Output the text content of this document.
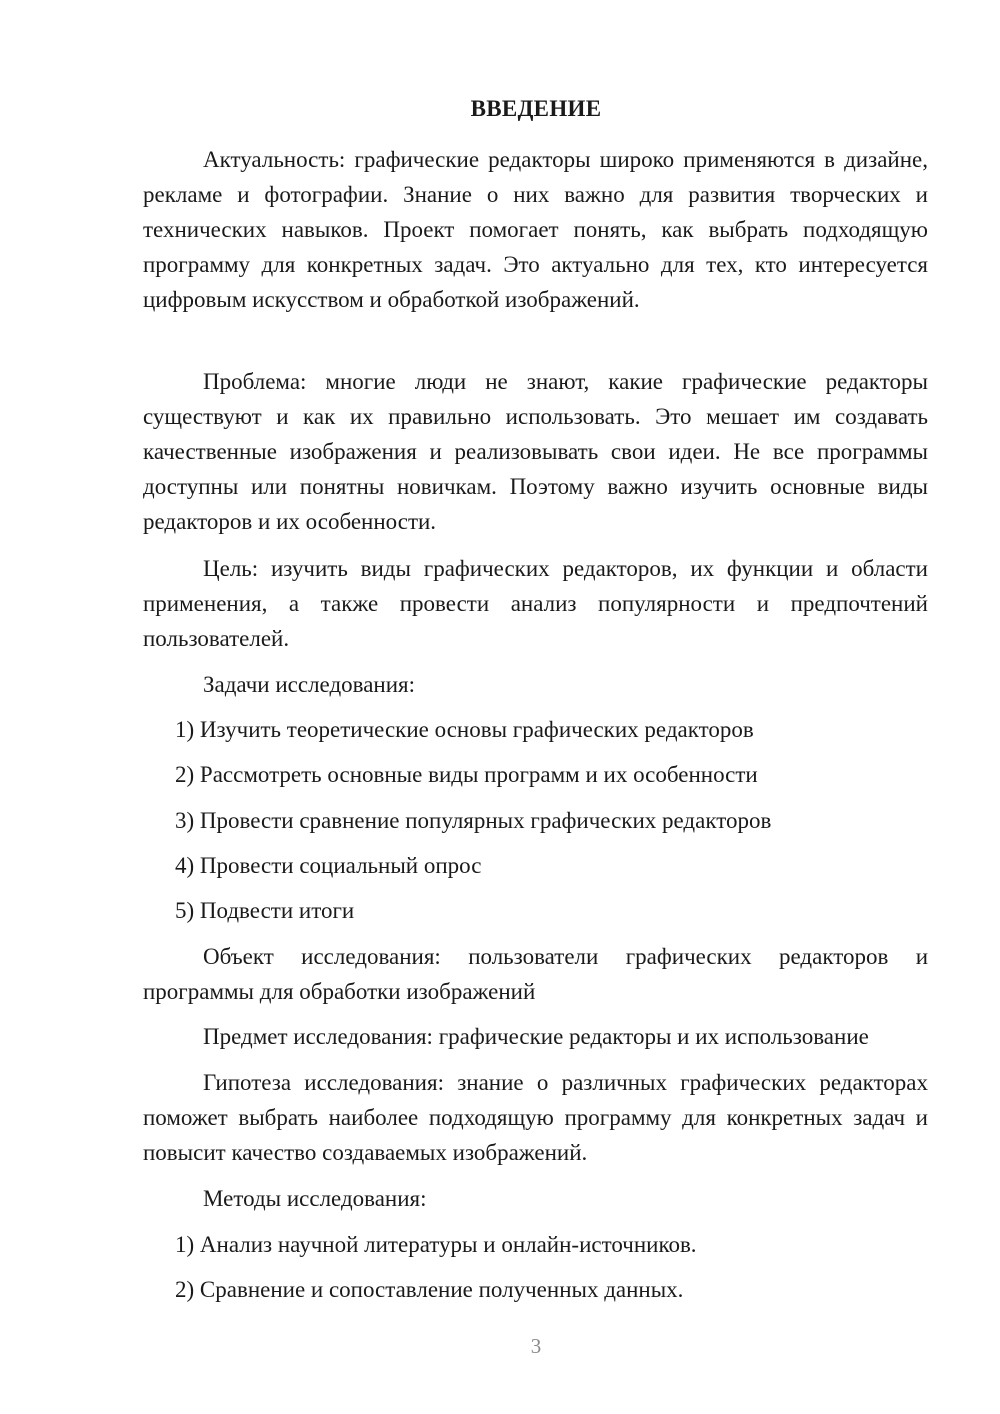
ВВЕДЕНИЕ

Актуальность: графические редакторы широко применяются в дизайне, рекламе и фотографии. Знание о них важно для развития творческих и технических навыков. Проект помогает понять, как выбрать подходящую программу для конкретных задач. Это актуально для тех, кто интересуется цифровым искусством и обработкой изображений.

Проблема: многие люди не знают, какие графические редакторы существуют и как их правильно использовать. Это мешает им создавать качественные изображения и реализовывать свои идеи. Не все программы доступны или понятны новичкам. Поэтому важно изучить основные виды редакторов и их особенности.

Цель: изучить виды графических редакторов, их функции и области применения, а также провести анализ популярности и предпочтений пользователей.

Задачи исследования:
1) Изучить теоретические основы графических редакторов
2) Рассмотреть основные виды программ и их особенности
3) Провести сравнение популярных графических редакторов
4) Провести социальный опрос
5) Подвести итоги

Объект исследования: пользователи графических редакторов и программы для обработки изображений

Предмет исследования: графические редакторы и их использование

Гипотеза исследования: знание о различных графических редакторах поможет выбрать наиболее подходящую программу для конкретных задач и повысит качество создаваемых изображений.

Методы исследования:
1) Анализ научной литературы и онлайн-источников.
2) Сравнение и сопоставление полученных данных.
3
